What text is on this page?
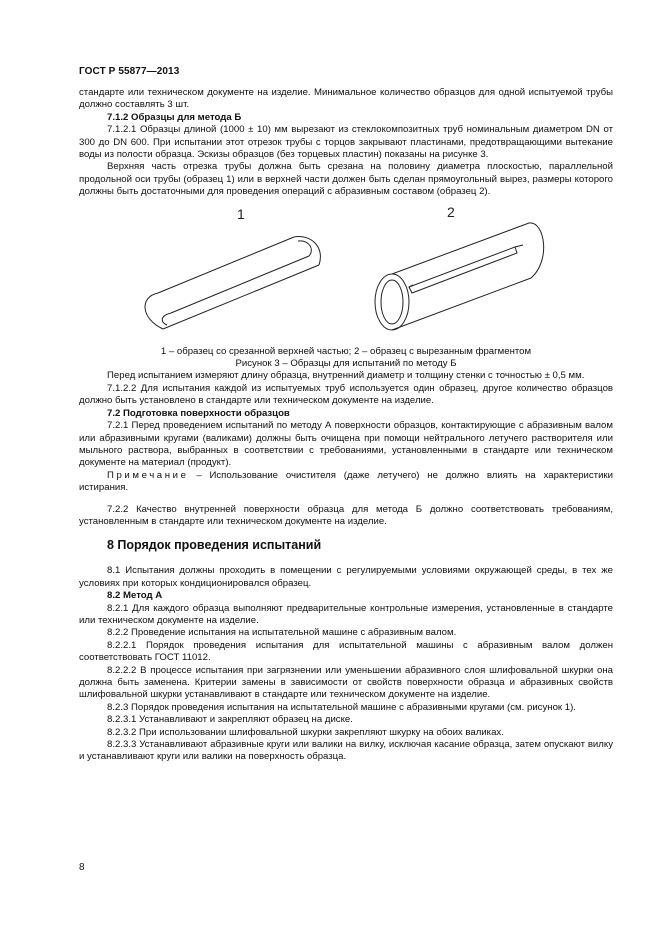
ГОСТ Р 55877—2013

стандарте или техническом документе на изделие. Минимальное количество образцов для одной испытуемой трубы должно составлять 3 шт.

7.1.2 Образцы для метода Б

7.1.2.1 Образцы длиной (1000 ± 10) мм вырезают из стеклокомпозитных труб номинальным диаметром DN от 300 до DN 600. При испытании этот отрезок трубы с торцов закрывают пластинами, предотвращающими вытекание воды из полости образца. Эскизы образцов (без торцевых пластин) показаны на рисунке 3.

Верхняя часть отрезка трубы должна быть срезана на половину диаметра плоскостью, параллельной продольной оси трубы (образец 1) или в верхней части должен быть сделан прямоугольный вырез, размеры которого должны быть достаточными для проведения операций с абразивным составом (образец 2).

1	2

1 – образец со срезанной верхней частью; 2 – образец с вырезанным фрагментом

Рисунок 3 – Образцы для испытаний по методу Б

Перед испытанием измеряют длину образца, внутренний диаметр и толщину стенки с точностью ± 0,5 мм.

7.1.2.2 Для испытания каждой из испытуемых труб используется один образец, другое количество образцов должно быть установлено в стандарте или техническом документе на изделие.

7.2 Подготовка поверхности образцов

7.2.1 Перед проведением испытаний по методу А поверхности образцов, контактирующие с абразивным валом или абразивными кругами (валиками) должны быть очищена при помощи нейтрального летучего растворителя или мыльного раствора, выбранных в соответствии с требованиями, установленными в стандарте или техническом документе на материал (продукт).

Примечание – Использование очистителя (даже летучего) не должно влиять на характеристики истирания.

7.2.2 Качество внутренней поверхности образца для метода Б должно соответствовать требованиям, установленным в стандарте или техническом документе на изделие.

8 Порядок проведения испытаний

8.1 Испытания должны проходить в помещении с регулируемыми условиями окружающей среды, в тех же условиях при которых кондиционировался образец.

8.2 Метод А

8.2.1 Для каждого образца выполняют предварительные контрольные измерения, установленные в стандарте или техническом документе на изделие.

8.2.2 Проведение испытания на испытательной машине с абразивным валом.

8.2.2.1 Порядок проведения испытания для испытательной машины с абразивным валом должен соответствовать ГОСТ 11012.

8.2.2.2 В процессе испытания при загрязнении или уменьшении абразивного слоя шлифовальной шкурки она должна быть заменена. Критерии замены в зависимости от свойств поверхности образца и абразивных свойств шлифовальной шкурки устанавливают в стандарте или техническом документе на изделие.

8.2.3 Порядок проведения испытания на испытательной машине с абразивными кругами (см. рисунок 1).

8.2.3.1 Устанавливают и закрепляют образец на диске.

8.2.3.2 При использовании шлифовальной шкурки закрепляют шкурку на обоих валиках.

8.2.3.3 Устанавливают абразивные круги или валики на вилку, исключая касание образца, затем опускают вилку и устанавливают круги или валики на поверхность образца.

8
